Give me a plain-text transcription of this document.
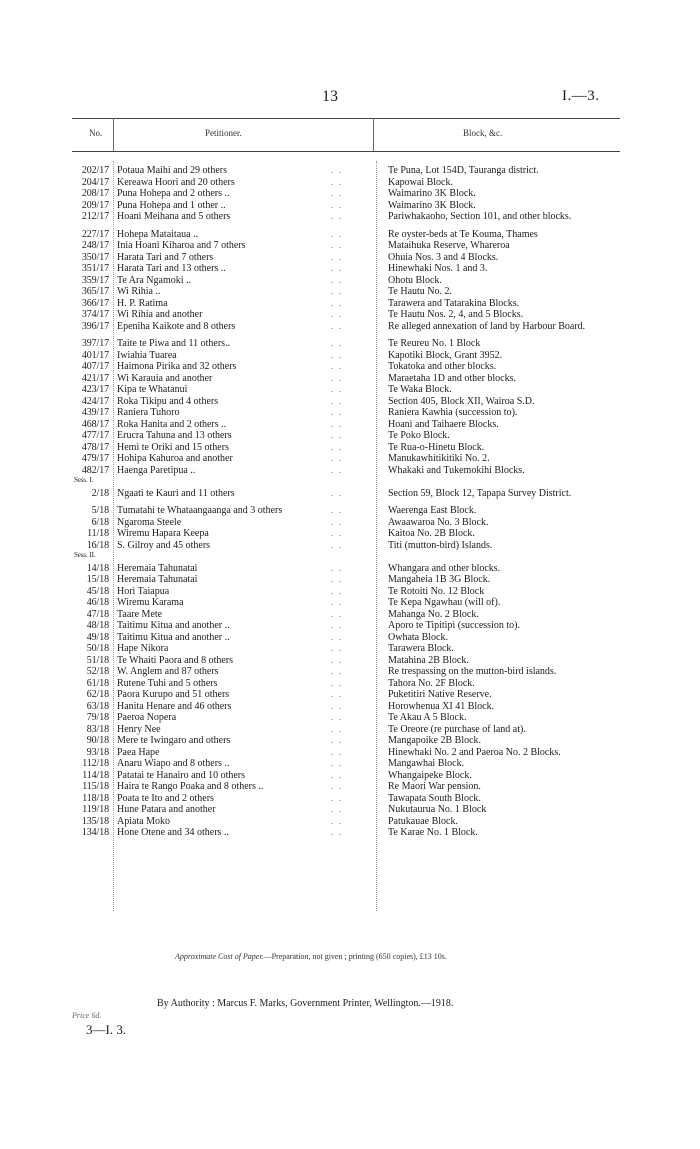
13	I.—3.
No.	Petitioner.	Block, &c.
202/17 Potaua Maihi and 29 others	. .	Te Puna, Lot 154D, Tauranga district.
204/17 Kereawa Hoori and 20 others	. .	Kapowai Block.
208/17 Puna Hohepa and 2 others ..	. .	Waimarino 3K Block.
209/17 Puna Hohepa and 1 other ..	. .	Waimarino 3K Block.
212/17 Hoani Meihana and 5 others	. .	Pariwhakaoho, Section 101, and other blocks.
227/17 Hohepa Mataitaua ..	. .	Re oyster-beds at Te Kouma, Thames
248/17 Inia Hoani Kiharoa and 7 others	. .	Mataihuka Reserve, Whareroa
350/17 Harata Tari and 7 others	. .	Ohuia Nos. 3 and 4 Blocks.
351/17 Harata Tari and 13 others ..	. .	Hinewhaki Nos. 1 and 3.
359/17 Te Ara Ngamoki ..	. .	Ohotu Block.
365/17 Wi Rihia ..	. .	Te Hautu No. 2.
366/17 H. P. Ratima	. .	Tarawera and Tatarakina Blocks.
374/17 Wi Rihia and another	. .	Te Hautu Nos. 2, 4, and 5 Blocks.
396/17 Epeniha Kaikote and 8 others	. .	Re alleged annexation of land by Harbour Board.
397/17 Taite te Piwa and 11 others..	. .	Te Reureu No. 1 Block
401/17 Iwiahia Tuarea	. .	Kapotiki Block, Grant 3952.
407/17 Haimona Pirika and 32 others	. .	Tokatoka and other blocks.
421/17 Wi Karauia and another	. .	Maraetaha 1D and other blocks.
423/17 Kipa te Whatanui	. .	Te Waka Block.
424/17 Roka Tikipu and 4 others	. .	Section 405, Block XII, Wairoa S.D.
439/17 Raniera Tuhoro	. .	Raniera Kawhia (succession to).
468/17 Roka Hanita and 2 others ..	. .	Hoani and Taihaere Blocks.
477/17 Erucra Tahuna and 13 others	. .	Te Poko Block.
478/17 Hemi te Oriki and 15 others	. .	Te Rua-o-Hinetu Block.
479/17 Hohipa Kahuroa and another	. .	Manukawhitikitiki No. 2.
482/17 Haenga Paretipua ..	. .	Whakaki and Tukemokihi Blocks.
Sess. I.
2/18 Ngaati te Kauri and 11 others	. .	Section 59, Block 12, Tapapa Survey District.
5/18 Tumatahi te Whataangaanga and 3 others	. .	Waerenga East Block.
6/18 Ngaroma Steele	. .	Awaawaroa No. 3 Block.
11/18 Wiremu Hapara Keepa	. .	Kaitoa No. 2B Block.
16/18 S. Gilroy and 45 others	. .	Titi (mutton-bird) Islands.
Sess. II.
14/18 Heremaia Tahunatai	. .	Whangara and other blocks.
15/18 Heremaia Tahunatai	. .	Mangaheia 1B 3G Block.
45/18 Hori Taiapua	. .	Te Rotoiti No. 12 Block
46/18 Wiremu Karama	. .	Te Kepa Ngawhau (will of).
47/18 Taare Mete	. .	Mahanga No. 2 Block.
48/18 Taitimu Kitua and another ..	. .	Aporo te Tipitipi (succession to).
49/18 Taitimu Kitua and another ..	. .	Owhata Block.
50/18 Hape Nikora	. .	Tarawera Block.
51/18 Te Whaiti Paora and 8 others	. .	Matahina 2B Block.
52/18 W. Anglem and 87 others	. .	Re trespassing on the mutton-bird islands.
61/18 Rutene Tuhi and 5 others	. .	Tahora No. 2F Block.
62/18 Paora Kurupo and 51 others	. .	Puketitiri Native Reserve.
63/18 Hanita Henare and 46 others	. .	Horowhenua XI 41 Block.
79/18 Paeroa Nopera	. .	Te Akau A 5 Block.
83/18 Henry Nee	. .	Te Oreore (re purchase of land at).
90/18 Mere te Iwingaro and others	. .	Mangapoike 2B Block.
93/18 Paea Hape	. .	Hinewhaki No. 2 and Paeroa No. 2 Blocks.
112/18 Anaru Wiapo and 8 others ..	. .	Mangawhai Block.
114/18 Patatai te Hanairo and 10 others	. .	Whangaipeke Block.
115/18 Haira te Rango Poaka and 8 others ..	. .	Re Maori War pension.
118/18 Poata te Ito and 2 others	. .	Tawapata South Block.
119/18 Hune Patara and another	. .	Nukutaurua No. 1 Block
135/18 Apiata Moko	. .	Patukauae Block.
134/18 Hone Otene and 34 others ..	. .	Te Karae No. 1 Block.
Approximate Cost of Paper.—Preparation, not given ; printing (650 copies), £13 10s.
By Authority : Marcus F. Marks, Government Printer, Wellington.—1918.
Price 6d.
3—I. 3.
